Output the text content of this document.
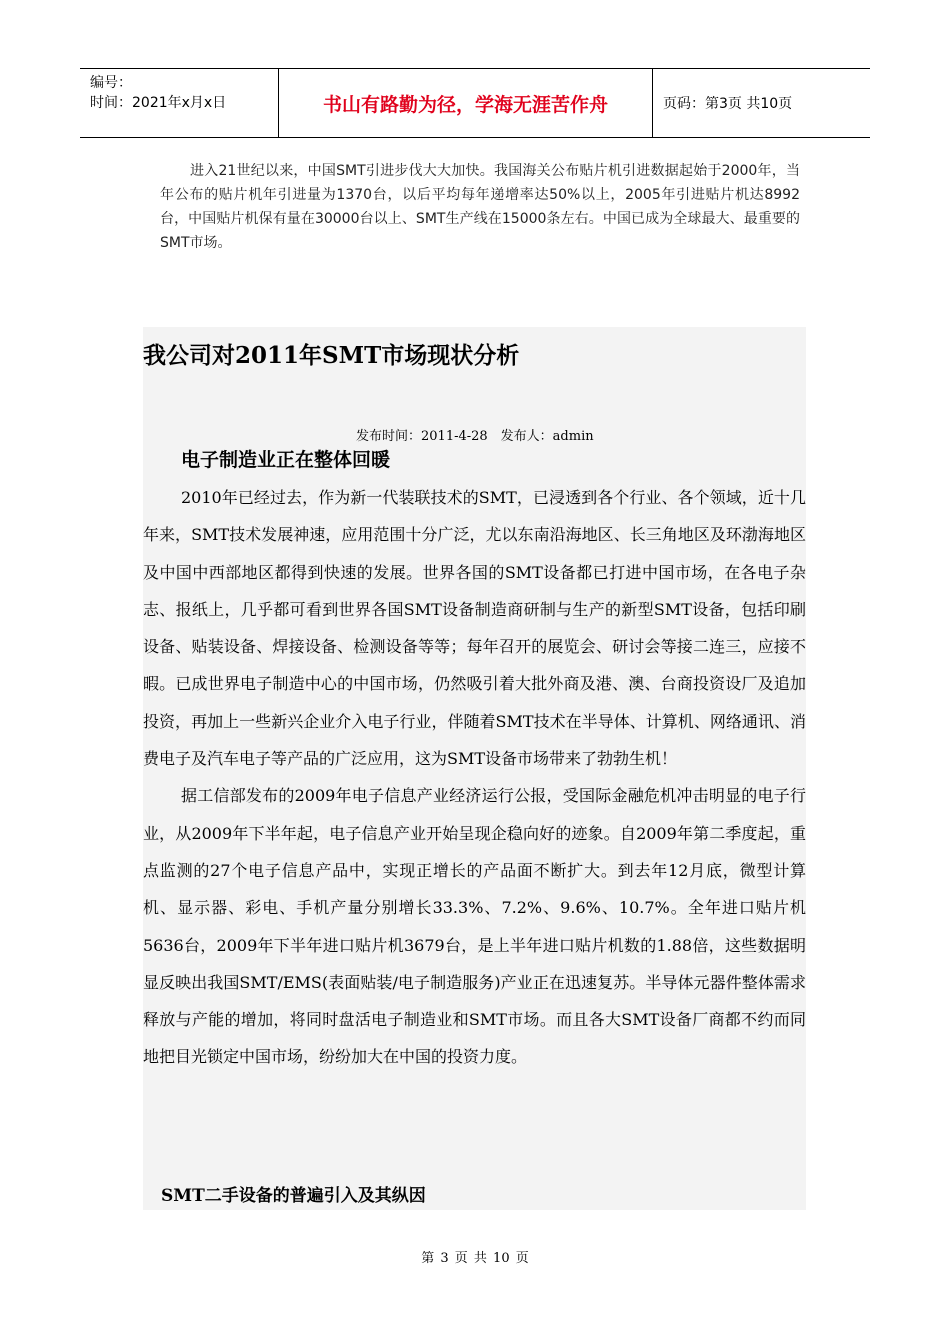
编号：
时间：2021年x月x日	书山有路勤为径，学海无涯苦作舟	页码：第3页 共10页

进入21世纪以来，中国SMT引进步伐大大加快。我国海关公布贴片机引进数据起始于2000年，当年公布的贴片机年引进量为1370台，以后平均每年递增率达50%以上，2005年引进贴片机达8992台，中国贴片机保有量在30000台以上、SMT生产线在15000条左右。中国已成为全球最大、最重要的SMT市场。

我公司对2011年SMT市场现状分析
发布时间：2011-4-28　发布人：admin
电子制造业正在整体回暖

2010年已经过去，作为新一代装联技术的SMT，已浸透到各个行业、各个领域，近十几年来，SMT技术发展神速，应用范围十分广泛，尤以东南沿海地区、长三角地区及环渤海地区及中国中西部地区都得到快速的发展。世界各国的SMT设备都已打进中国市场，在各电子杂志、报纸上，几乎都可看到世界各国SMT设备制造商研制与生产的新型SMT设备，包括印刷设备、贴装设备、焊接设备、检测设备等等；每年召开的展览会、研讨会等接二连三，应接不暇。已成世界电子制造中心的中国市场，仍然吸引着大批外商及港、澳、台商投资设厂及追加投资，再加上一些新兴企业介入电子行业，伴随着SMT技术在半导体、计算机、网络通讯、消费电子及汽车电子等产品的广泛应用，这为SMT设备市场带来了勃勃生机！

据工信部发布的2009年电子信息产业经济运行公报，受国际金融危机冲击明显的电子行业，从2009年下半年起，电子信息产业开始呈现企稳向好的迹象。自2009年第二季度起，重点监测的27个电子信息产品中，实现正增长的产品面不断扩大。到去年12月底，微型计算机、显示器、彩电、手机产量分别增长33.3%、7.2%、9.6%、10.7%。全年进口贴片机5636台，2009年下半年进口贴片机3679台，是上半年进口贴片机数的1.88倍，这些数据明显反映出我国SMT/EMS(表面贴装/电子制造服务)产业正在迅速复苏。半导体元器件整体需求释放与产能的增加，将同时盘活电子制造业和SMT市场。而且各大SMT设备厂商都不约而同地把目光锁定中国市场，纷纷加大在中国的投资力度。

SMT二手设备的普遍引入及其纵因
第 3 页 共 10 页
